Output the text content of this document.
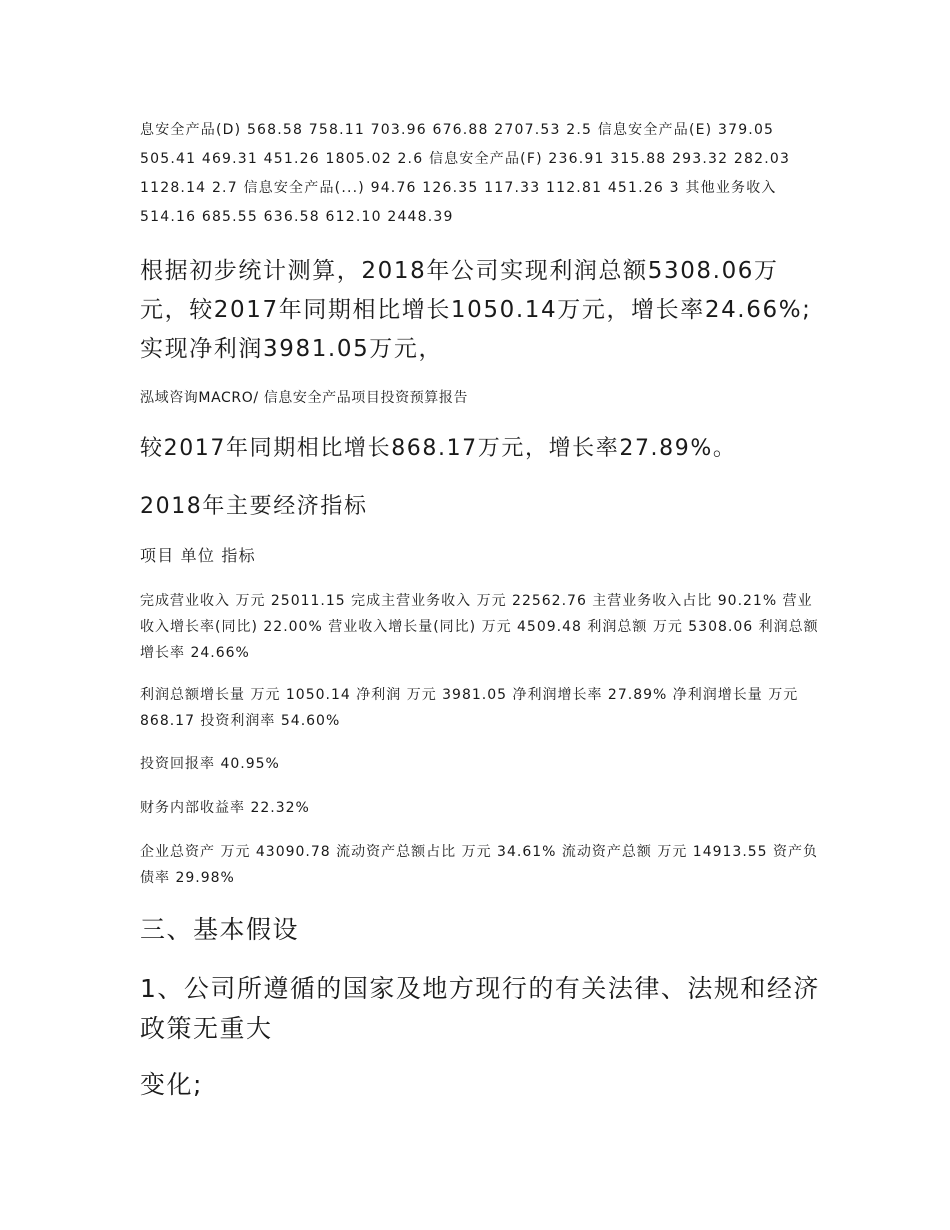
息安全产品(D) 568.58 758.11 703.96 676.88 2707.53 2.5 信息安全产品(E) 379.05 505.41 469.31 451.26 1805.02 2.6 信息安全产品(F) 236.91 315.88 293.32 282.03 1128.14 2.7 信息安全产品(...) 94.76 126.35 117.33 112.81 451.26 3 其他业务收入 514.16 685.55 636.58 612.10 2448.39

根据初步统计测算，2018年公司实现利润总额5308.06万元，较2017年同期相比增长1050.14万元，增长率24.66%;实现净利润3981.05万元，

泓域咨询MACRO/ 信息安全产品项目投资预算报告

较2017年同期相比增长868.17万元，增长率27.89%。

2018年主要经济指标

项目 单位 指标

完成营业收入 万元 25011.15 完成主营业务收入 万元 22562.76 主营业务收入占比 90.21% 营业收入增长率(同比) 22.00% 营业收入增长量(同比) 万元 4509.48 利润总额 万元 5308.06 利润总额增长率 24.66%

利润总额增长量 万元 1050.14 净利润 万元 3981.05 净利润增长率 27.89% 净利润增长量 万元 868.17 投资利润率 54.60%

投资回报率 40.95%

财务内部收益率 22.32%

企业总资产 万元 43090.78 流动资产总额占比 万元 34.61% 流动资产总额 万元 14913.55 资产负债率 29.98%

三、基本假设

1、公司所遵循的国家及地方现行的有关法律、法规和经济政策无重大

变化;
